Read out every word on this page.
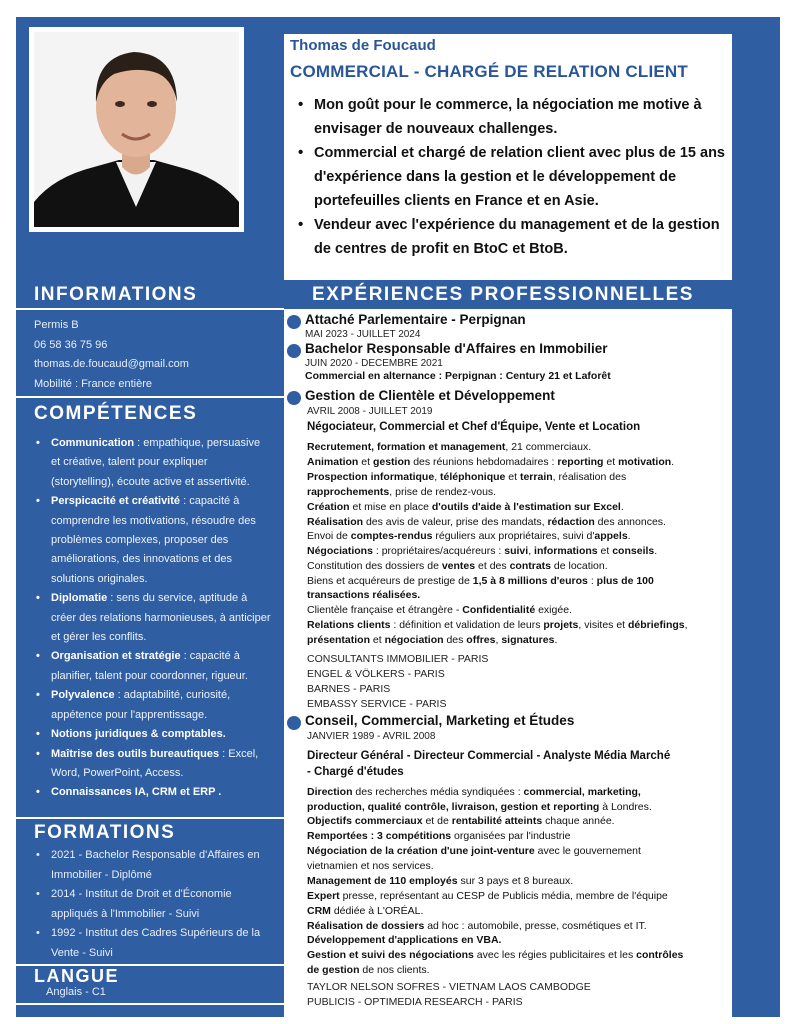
Thomas de Foucaud
COMMERCIAL - CHARGÉ DE RELATION CLIENT
• Mon goût pour le commerce, la négociation me motive à envisager de nouveaux challenges.
• Commercial et chargé de relation client avec plus de 15 ans d'expérience dans la gestion et le développement de portefeuilles clients en France et en Asie.
• Vendeur avec l'expérience du management et de la gestion de centres de profit en BtoC et BtoB.
INFORMATIONS
Permis B
06 58 36 75 96
thomas.de.foucaud@gmail.com
Mobilité : France entière
COMPÉTENCES
• Communication : empathique, persuasive et créative, talent pour expliquer (storytelling), écoute active et assertivité.
• Perspicacité et créativité : capacité à comprendre les motivations, résoudre des problèmes complexes, proposer des améliorations, des innovations et des solutions originales.
• Diplomatie : sens du service, aptitude à créer des relations harmonieuses, à anticiper et gérer les conflits.
• Organisation et stratégie : capacité à planifier, talent pour coordonner, rigueur.
• Polyvalence : adaptabilité, curiosité, appétence pour l'apprentissage.
• Notions juridiques & comptables.
• Maîtrise des outils bureautiques : Excel, Word, PowerPoint, Access.
• Connaissances IA, CRM et ERP .
FORMATIONS
• 2021 - Bachelor Responsable d'Affaires en Immobilier - Diplômé
• 2014 - Institut de Droit et d'Économie appliqués à l'Immobilier - Suivi
• 1992 - Institut des Cadres Supérieurs de la Vente - Suivi
LANGUE
Anglais - C1
EXPÉRIENCES PROFESSIONNELLES
Attaché Parlementaire - Perpignan
MAI 2023 - JUILLET 2024
Bachelor Responsable d'Affaires en Immobilier
JUIN 2020 - DECEMBRE 2021
Commercial en alternance : Perpignan : Century 21 et Laforêt
Gestion de Clientèle et Développement
AVRIL 2008 - JUILLET 2019
Négociateur, Commercial et Chef d'Équipe, Vente et Location
Recrutement, formation et management, 21 commerciaux.
Animation et gestion des réunions hebdomadaires : reporting et motivation.
Prospection informatique, téléphonique et terrain, réalisation des
rapprochements, prise de rendez-vous.
Création et mise en place d'outils d'aide à l'estimation sur Excel.
Réalisation des avis de valeur, prise des mandats, rédaction des annonces.
Envoi de comptes-rendus réguliers aux propriétaires, suivi d'appels.
Négociations : propriétaires/acquéreurs : suivi, informations et conseils.
Constitution des dossiers de ventes et des contrats de location.
Biens et acquéreurs de prestige de 1,5 à 8 millions d'euros : plus de 100
transactions réalisées.
Clientèle française et étrangère - Confidentialité exigée.
Relations clients : définition et validation de leurs projets, visites et débriefings,
présentation et négociation des offres, signatures.
CONSULTANTS IMMOBILIER - PARIS
ENGEL & VÖLKERS - PARIS
BARNES - PARIS
EMBASSY SERVICE - PARIS
Conseil, Commercial, Marketing et Études
JANVIER 1989 - AVRIL 2008
Directeur Général - Directeur Commercial - Analyste Média Marché
- Chargé d'études
Direction des recherches média syndiquées : commercial, marketing,
production, qualité contrôle, livraison, gestion et reporting à Londres.
Objectifs commerciaux et de rentabilité atteints chaque année.
Remportées : 3 compétitions organisées par l'industrie
Négociation de la création d'une joint-venture avec le gouvernement
vietnamien et nos services.
Management de 110 employés sur 3 pays et 8 bureaux.
Expert presse, représentant au CESP de Publicis média, membre de l'équipe
CRM dédiée à L'ORÉAL.
Réalisation de dossiers ad hoc : automobile, presse, cosmétiques et IT.
Développement d'applications en VBA.
Gestion et suivi des négociations avec les régies publicitaires et les contrôles
de gestion de nos clients.
TAYLOR NELSON SOFRES - VIETNAM LAOS CAMBODGE
PUBLICIS - OPTIMEDIA RESEARCH - PARIS
